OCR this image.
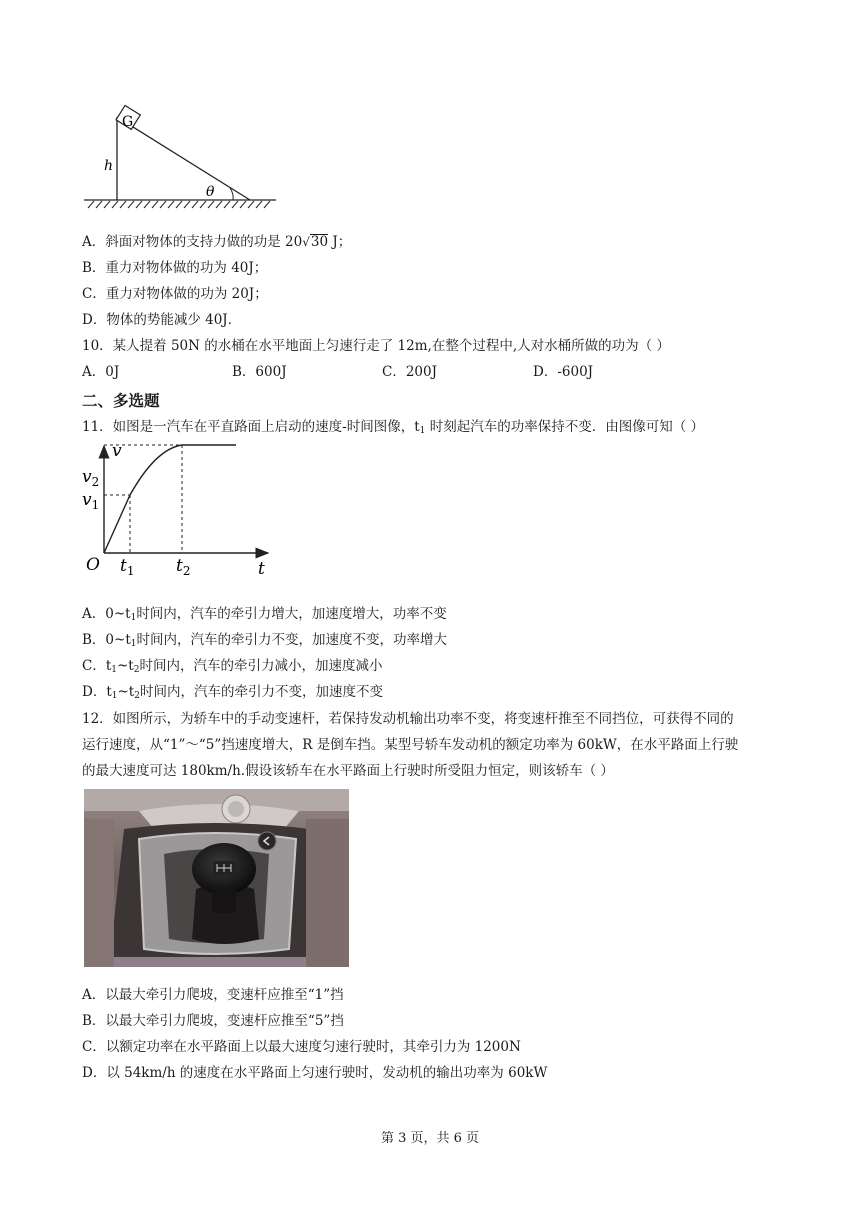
G
h
θ
A．斜面对物体的支持力做的功是 20√30 J；
B．重力对物体做的功为 40J；
C．重力对物体做的功为 20J；
D．物体的势能减少 40J．
10．某人提着 50N 的水桶在水平地面上匀速行走了 12m,在整个过程中,人对水桶所做的功为（ ）
A．0J	B．600J	C．200J	D．-600J
二、多选题
11．如图是一汽车在平直路面上启动的速度-时间图像，$t_1$ 时刻起汽车的功率保持不变．由图像可知（ ）
v
t
O
$v_2$
$v_1$
$t_1$ $t_2$
A．$0\sim t_1$时间内，汽车的牵引力增大，加速度增大，功率不变
B．$0\sim t_1$时间内，汽车的牵引力不变，加速度不变，功率增大
C．$t_1\sim t_2$时间内，汽车的牵引力减小，加速度减小
D．$t_1\sim t_2$时间内，汽车的牵引力不变，加速度不变
12．如图所示，为轿车中的手动变速杆，若保持发动机输出功率不变，将变速杆推至不同挡位，可获得不同的
运行速度，从“1”～“5”挡速度增大，R 是倒车挡。某型号轿车发动机的额定功率为 60kW，在水平路面上行驶
的最大速度可达 180km/h.假设该轿车在水平路面上行驶时所受阻力恒定，则该轿车（ ）
A．以最大牵引力爬坡，变速杆应推至“1”挡
B．以最大牵引力爬坡，变速杆应推至“5”挡
C．以额定功率在水平路面上以最大速度匀速行驶时，其牵引力为 1200N
D．以 54km/h 的速度在水平路面上匀速行驶时，发动机的输出功率为 60kW
第 3 页，共 6 页
